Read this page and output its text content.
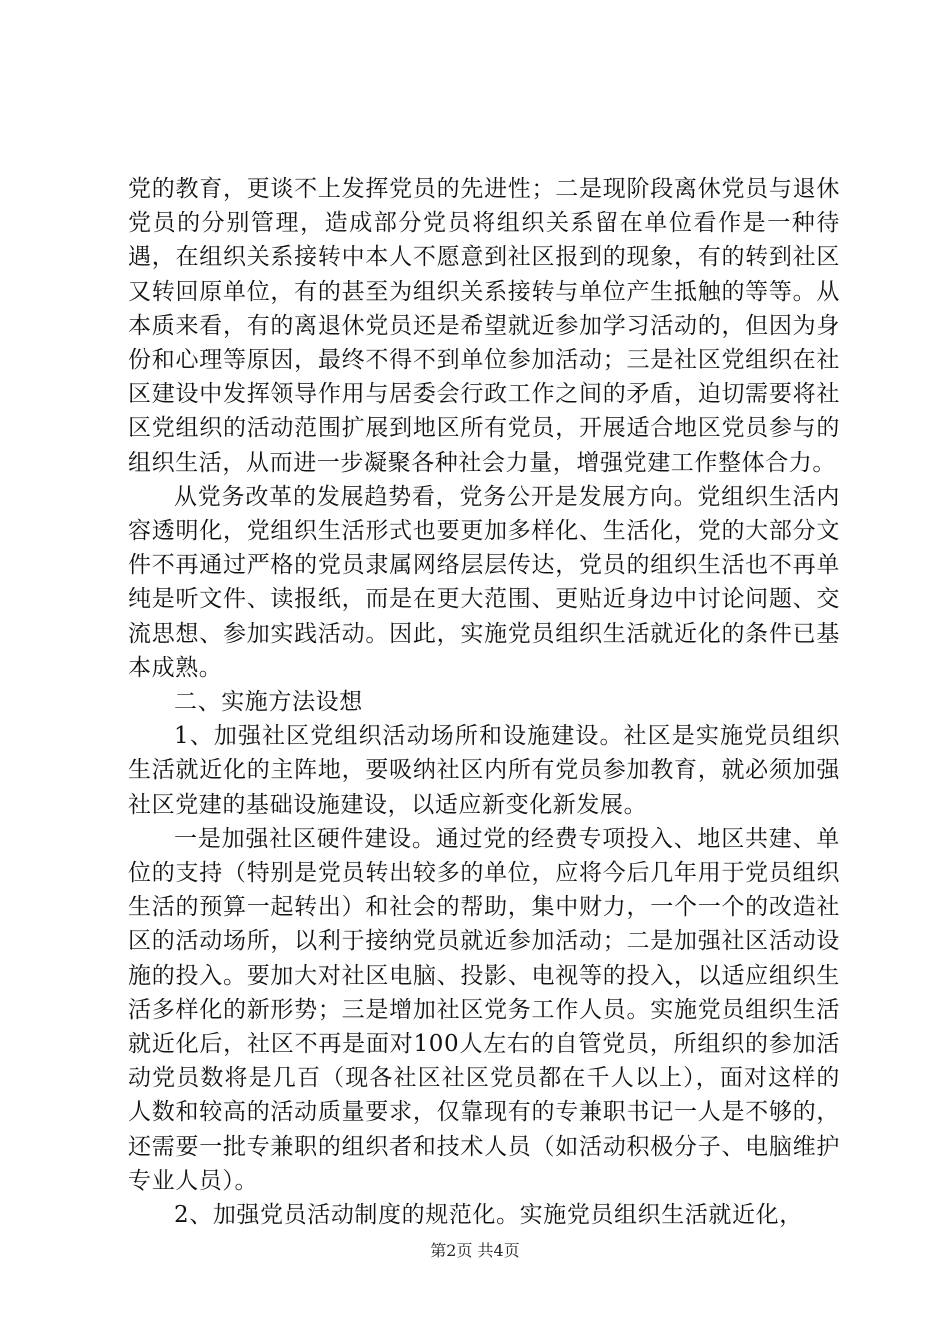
党的教育，更谈不上发挥党员的先进性；二是现阶段离休党员与退休党员的分别管理，造成部分党员将组织关系留在单位看作是一种待遇，在组织关系接转中本人不愿意到社区报到的现象，有的转到社区又转回原单位，有的甚至为组织关系接转与单位产生抵触的等等。从本质来看，有的离退休党员还是希望就近参加学习活动的，但因为身份和心理等原因，最终不得不到单位参加活动；三是社区党组织在社区建设中发挥领导作用与居委会行政工作之间的矛盾，迫切需要将社区党组织的活动范围扩展到地区所有党员，开展适合地区党员参与的组织生活，从而进一步凝聚各种社会力量，增强党建工作整体合力。

从党务改革的发展趋势看，党务公开是发展方向。党组织生活内容透明化，党组织生活形式也要更加多样化、生活化，党的大部分文件不再通过严格的党员隶属网络层层传达，党员的组织生活也不再单纯是听文件、读报纸，而是在更大范围、更贴近身边中讨论问题、交流思想、参加实践活动。因此，实施党员组织生活就近化的条件已基本成熟。

二、实施方法设想

1、加强社区党组织活动场所和设施建设。社区是实施党员组织生活就近化的主阵地，要吸纳社区内所有党员参加教育，就必须加强社区党建的基础设施建设，以适应新变化新发展。

一是加强社区硬件建设。通过党的经费专项投入、地区共建、单位的支持（特别是党员转出较多的单位，应将今后几年用于党员组织生活的预算一起转出）和社会的帮助，集中财力，一个一个的改造社区的活动场所，以利于接纳党员就近参加活动；二是加强社区活动设施的投入。要加大对社区电脑、投影、电视等的投入，以适应组织生活多样化的新形势；三是增加社区党务工作人员。实施党员组织生活就近化后，社区不再是面对100人左右的自管党员，所组织的参加活动党员数将是几百（现各社区社区党员都在千人以上），面对这样的人数和较高的活动质量要求，仅靠现有的专兼职书记一人是不够的，还需要一批专兼职的组织者和技术人员（如活动积极分子、电脑维护专业人员）。

2、加强党员活动制度的规范化。实施党员组织生活就近化，

第2页 共4页
